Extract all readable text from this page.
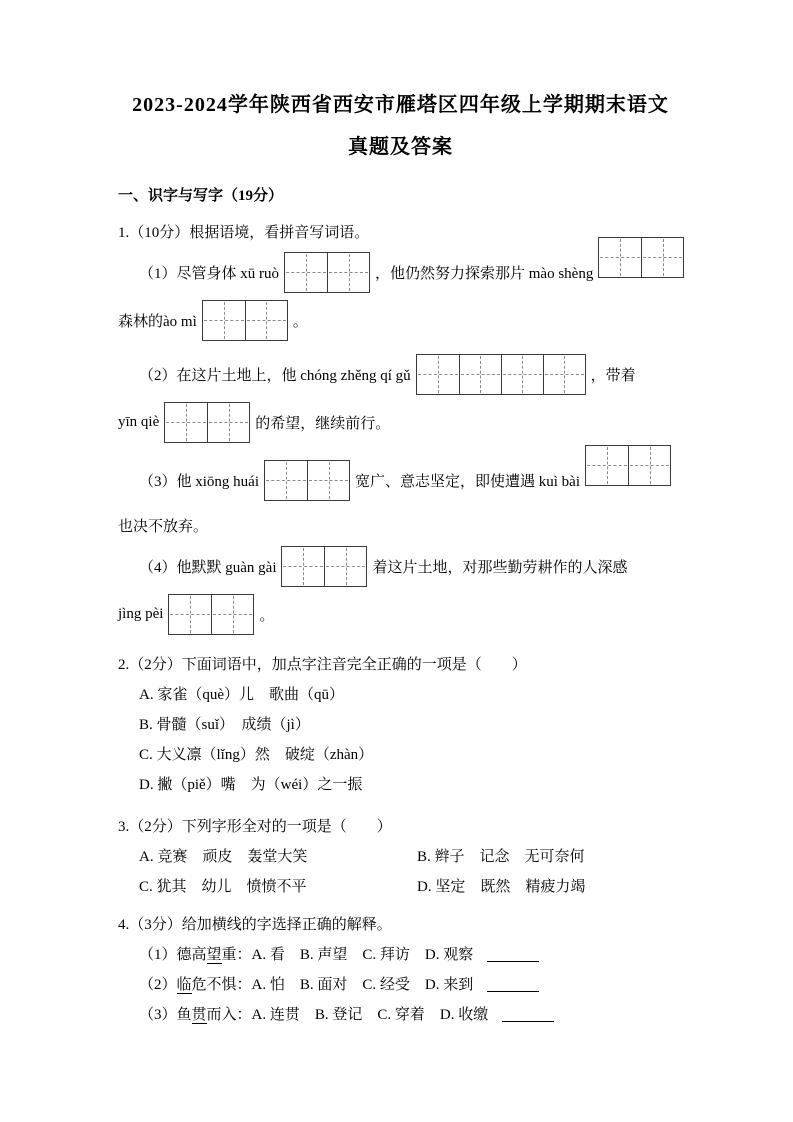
2023-2024学年陕西省西安市雁塔区四年级上学期期末语文
真题及答案
一、识字与写字（19分）
1.（10分）根据语境，看拼音写词语。
（1）尽管身体 xū ruò	，他仍然努力探索那片 mào shèng
森林的ào mì	。
（2）在这片土地上，他 chóng zhěng qí gǔ	，带着
yīn qiè	的希望，继续前行。
（3）他 xiōng huái	宽广、意志坚定，即使遭遇 kuì bài
也决不放弃。
（4）他默默 guàn gài	着这片土地，对那些勤劳耕作的人深感
jìng pèi	。
2.（2分）下面词语中，加点字注音完全正确的一项是（　　）
A. 家雀（què）儿　歌曲（qū）
B. 骨髓（suǐ）　成绩（jì）
C. 大义凛（lǐng）然　破绽（zhàn）
D. 撇（piě）嘴　为（wéi）之一振
3.（2分）下列字形全对的一项是（　　）
A. 竞赛　顽皮　轰堂大笑	B. 辫子　记念　无可奈何
C. 犹其　幼儿　愤愤不平	D. 坚定　既然　精疲力竭
4.（3分）给加横线的字选择正确的解释。
（1）德高望重：A. 看　B. 声望　C. 拜访　D. 观察
（2）临危不惧：A. 怕　B. 面对　C. 经受　D. 来到
（3）鱼贯而入：A. 连贯　B. 登记　C. 穿着　D. 收缴
